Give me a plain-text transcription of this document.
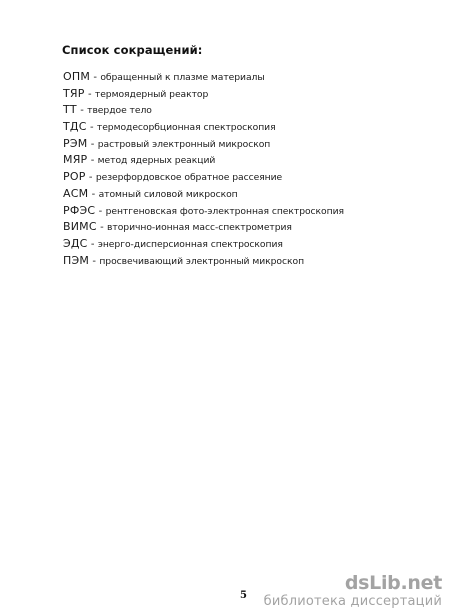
Список сокращений:
ОПМ - обращенный к плазме материалы
ТЯР - термоядерный реактор
ТТ - твердое тело
ТДС - термодесорбционная спектроскопия
РЭМ - растровый электронный микроскоп
МЯР - метод ядерных реакций
POP - резерфордовское обратное рассеяние
АСМ - атомный силовой микроскоп
РФЭС - рентгеновская фото-электронная спектроскопия
ВИМС - вторично-ионная масс-спектрометрия
ЭДС - энерго-дисперсионная спектроскопия
ПЭМ - просвечивающий электронный микроскоп
5
dsLib.net
библиотека диссертаций
